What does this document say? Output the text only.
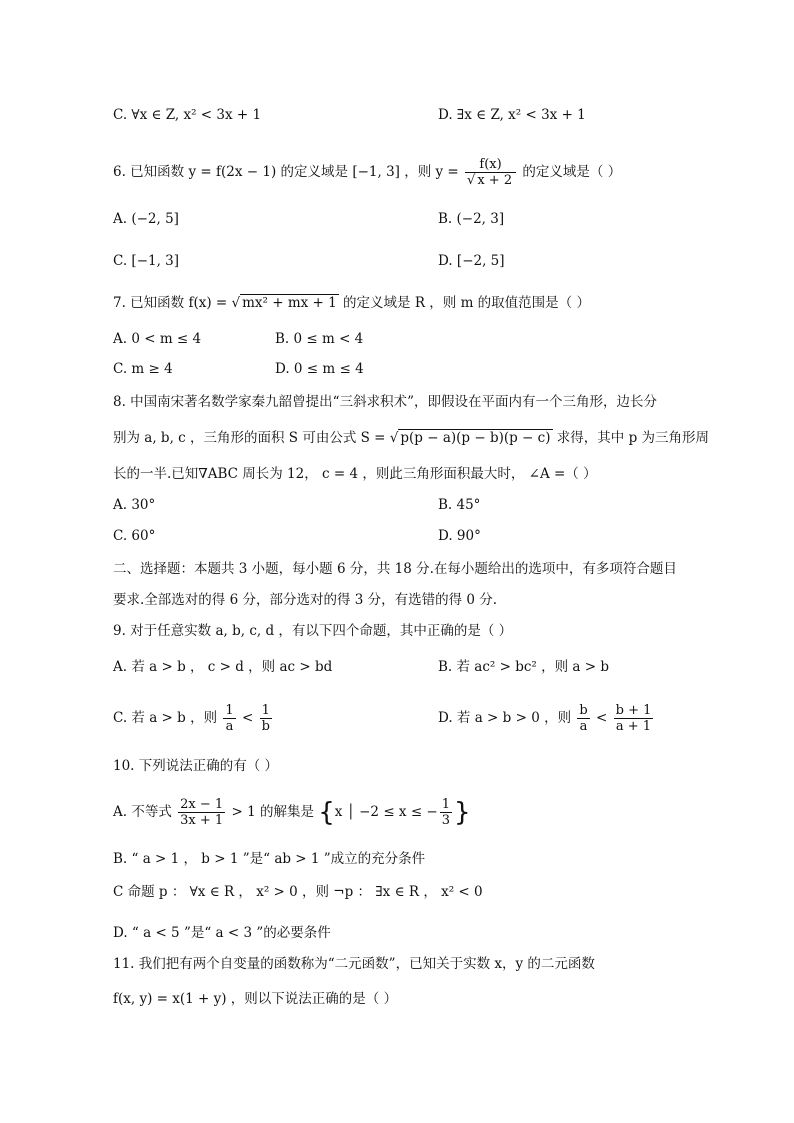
C. ∀x ∈ Z, x² < 3x + 1	D. ∃x ∈ Z, x² < 3x + 1
6. 已知函数 y = f(2x − 1) 的定义域是 [−1, 3] ，则 $y = \frac{f(x)}{√ x + 2}$ 的定义域是（ ）
A. (−2, 5]	B. (−2, 3]
C. [−1, 3]	D. [−2, 5]
7. 已知函数 f(x) = √ mx² + mx + 1 的定义域是 R ，则 m 的取值范围是（ ）
A. 0 < m ≤ 4	B. 0 ≤ m < 4
C. m ≥ 4	D. 0 ≤ m ≤ 4
8. 中国南宋著名数学家秦九韶曾提出“三斜求积术”，即假设在平面内有一个三角形，边长分
别为 a, b, c ，三角形的面积 S 可由公式 S = √ p(p − a)(p − b)(p − c) 求得，其中 p 为三角形周
长的一半.已知∇ABC 周长为 12， c = 4 ，则此三角形面积最大时， ∠A =（ ）
A. 30°	B. 45°
C. 60°	D. 90°
二、选择题：本题共 3 小题，每小题 6 分，共 18 分.在每小题给出的选项中，有多项符合题目
要求.全部选对的得 6 分，部分选对的得 3 分，有选错的得 0 分.
9. 对于任意实数 a, b, c, d ，有以下四个命题，其中正确的是（ ）
A. 若 a > b ， c > d ，则 ac > bd	B. 若 ac² > bc² ，则 a > b
C. 若 a > b ，则 $\frac{1}{a} < \frac{1}{b}$	D. 若 a > b > 0 ，则 $\frac{b}{a} < \frac{b + 1}{a + 1}$
10. 下列说法正确的有（ ）
A. 不等式 $\frac{2x - 1}{3x + 1} > 1$ 的解集是 {x │ −2 ≤ x ≤ − $\frac{1}{3}$ }
B. “ a > 1 ， b > 1 ”是“ ab > 1 ”成立的充分条件
C 命题 p ： ∀x ∈ R ， x² > 0 ，则 ¬p ： ∃x ∈ R ， x² < 0
D. “ a < 5 ”是“ a < 3 ”的必要条件
11. 我们把有两个自变量的函数称为“二元函数”，已知关于实数 x，y 的二元函数
f(x, y) = x(1 + y) ，则以下说法正确的是（ ）
